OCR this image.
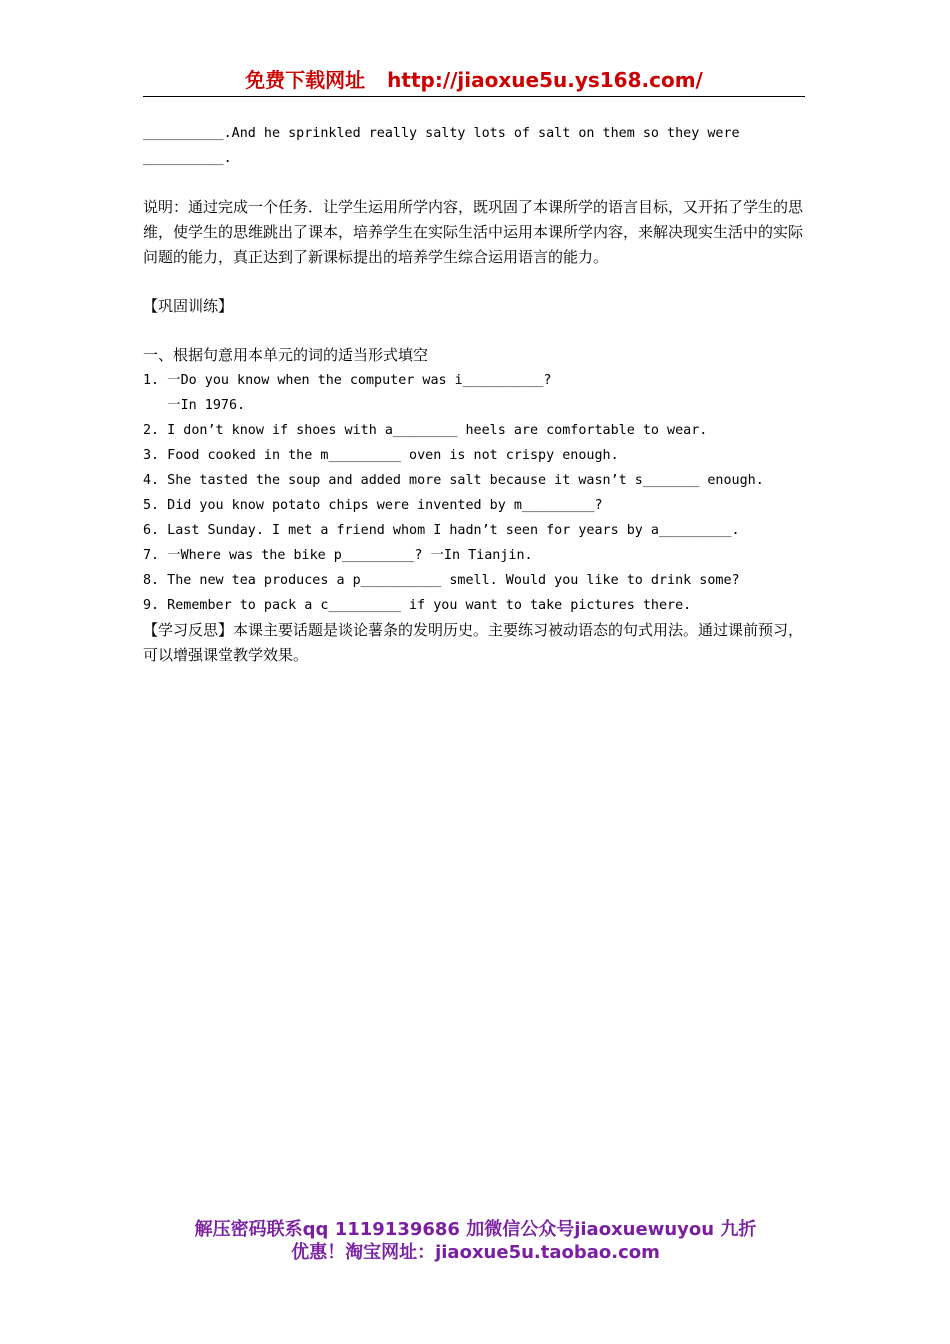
免费下载网址 http://jiaoxue5u.ys168.com/
__________.And he sprinkled really salty lots of salt on them so they were
__________.
说明：通过完成一个任务．让学生运用所学内容，既巩固了本课所学的语言目标，又开拓了学生的思维，使学生的思维跳出了课本，培养学生在实际生活中运用本课所学内容，来解决现实生活中的实际问题的能力，真正达到了新课标提出的培养学生综合运用语言的能力。
【巩固训练】
一、根据句意用本单元的词的适当形式填空
1. 一Do you know when the computer was i__________?
一In 1976.
2. I don’t know if shoes with a________ heels are comfortable to wear.
3. Food cooked in the m_________ oven is not crispy enough.
4. She tasted the soup and added more salt because it wasn’t s_______ enough.
5. Did you know potato chips were invented by m_________?
6. Last Sunday. I met a friend whom I hadn’t seen for years by a_________.
7. 一Where was the bike p_________? 一In Tianjin.
8. The new tea produces a p__________ smell. Would you like to drink some?
9. Remember to pack a c_________ if you want to take pictures there.
【学习反思】本课主要话题是谈论薯条的发明历史。主要练习被动语态的句式用法。通过课前预习，可以增强课堂教学效果。
解压密码联系qq 1119139686 加微信公众号jiaoxuewuyou 九折
优惠！淘宝网址：jiaoxue5u.taobao.com
